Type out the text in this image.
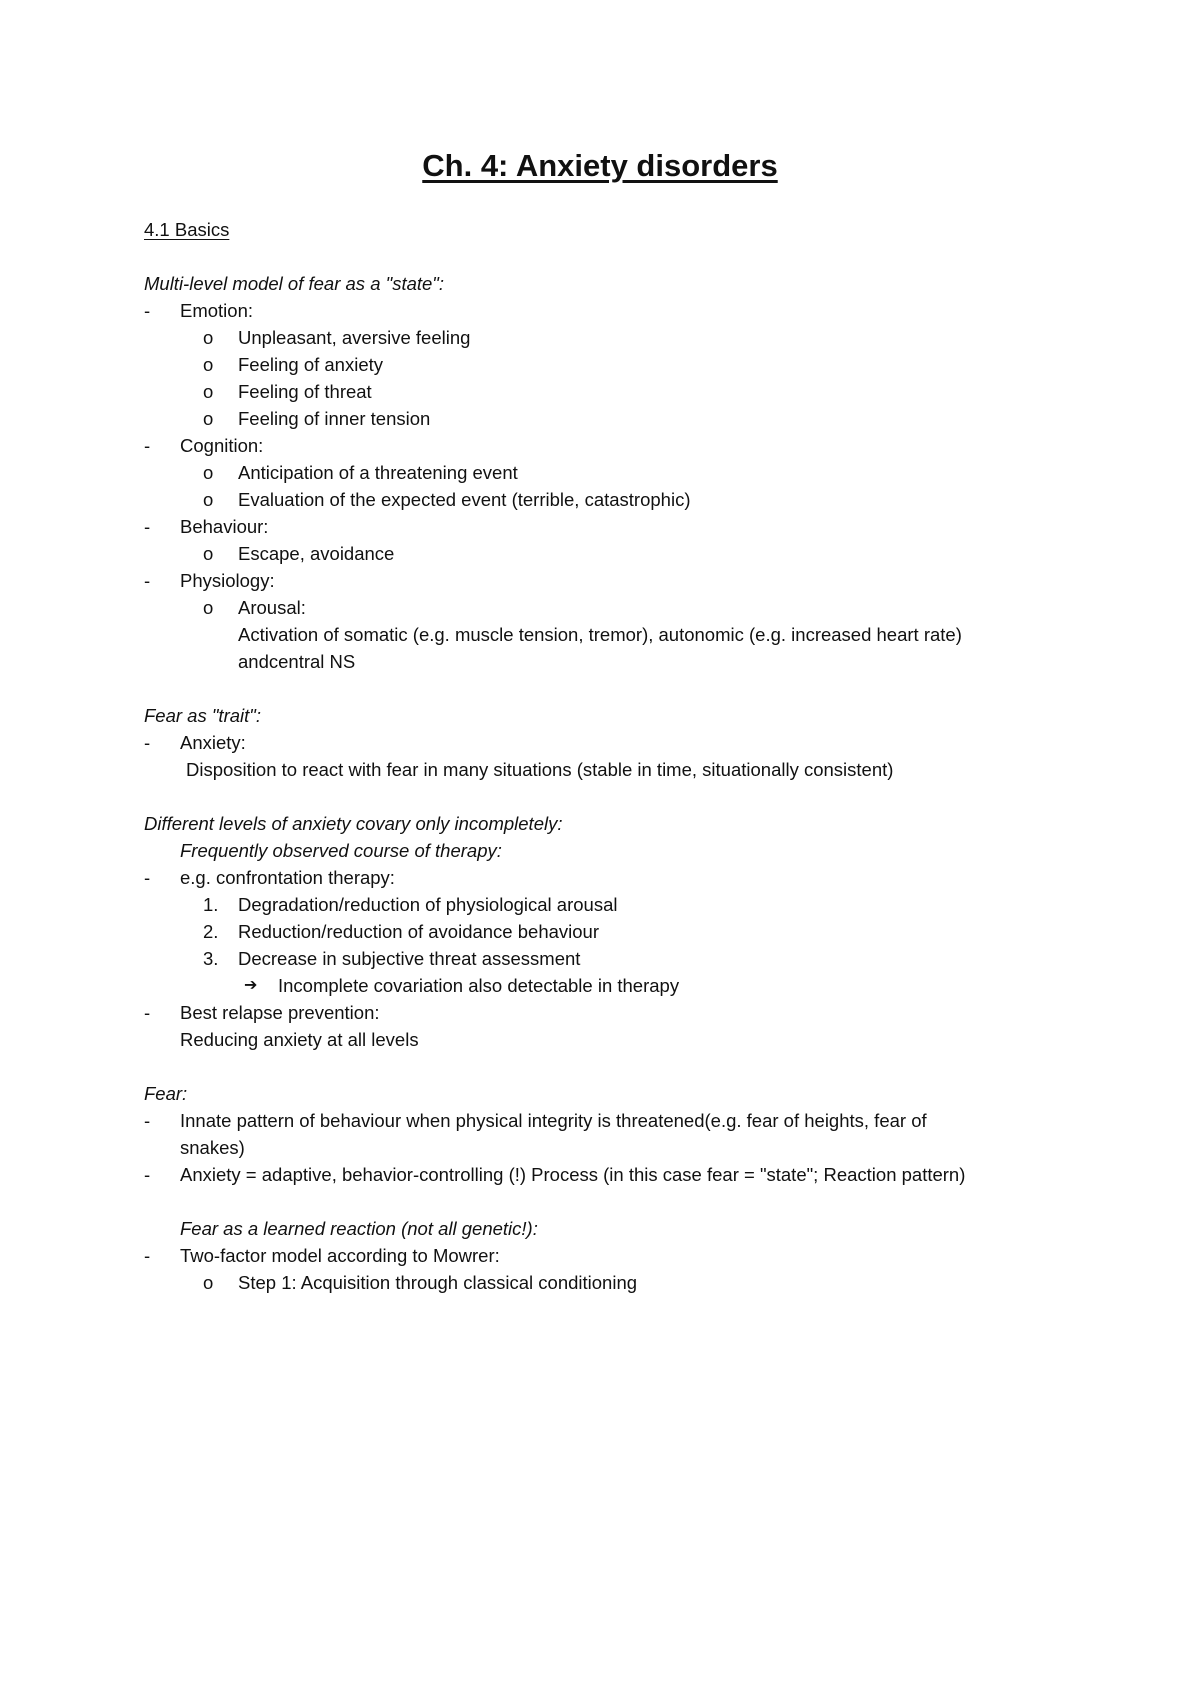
Ch. 4: Anxiety disorders
4.1 Basics
Multi-level model of fear as a "state":
- Emotion:
o Unpleasant, aversive feeling
o Feeling of anxiety
o Feeling of threat
o Feeling of inner tension
- Cognition:
o Anticipation of a threatening event
o Evaluation of the expected event (terrible, catastrophic)
- Behaviour:
o Escape, avoidance
- Physiology:
o Arousal:
Activation of somatic (e.g. muscle tension, tremor), autonomic (e.g. increased heart rate)
andcentral NS
Fear as "trait":
- Anxiety:
Disposition to react with fear in many situations (stable in time, situationally consistent)
Different levels of anxiety covary only incompletely:
Frequently observed course of therapy:
- e.g. confrontation therapy:
1. Degradation/reduction of physiological arousal
2. Reduction/reduction of avoidance behaviour
3. Decrease in subjective threat assessment
➔ Incomplete covariation also detectable in therapy
- Best relapse prevention:
Reducing anxiety at all levels
Fear:
- Innate pattern of behaviour when physical integrity is threatened(e.g. fear of heights, fear of
snakes)
- Anxiety = adaptive, behavior-controlling (!) Process (in this case fear = "state"; Reaction pattern)
Fear as a learned reaction (not all genetic!):
- Two-factor model according to Mowrer:
o Step 1: Acquisition through classical conditioning
